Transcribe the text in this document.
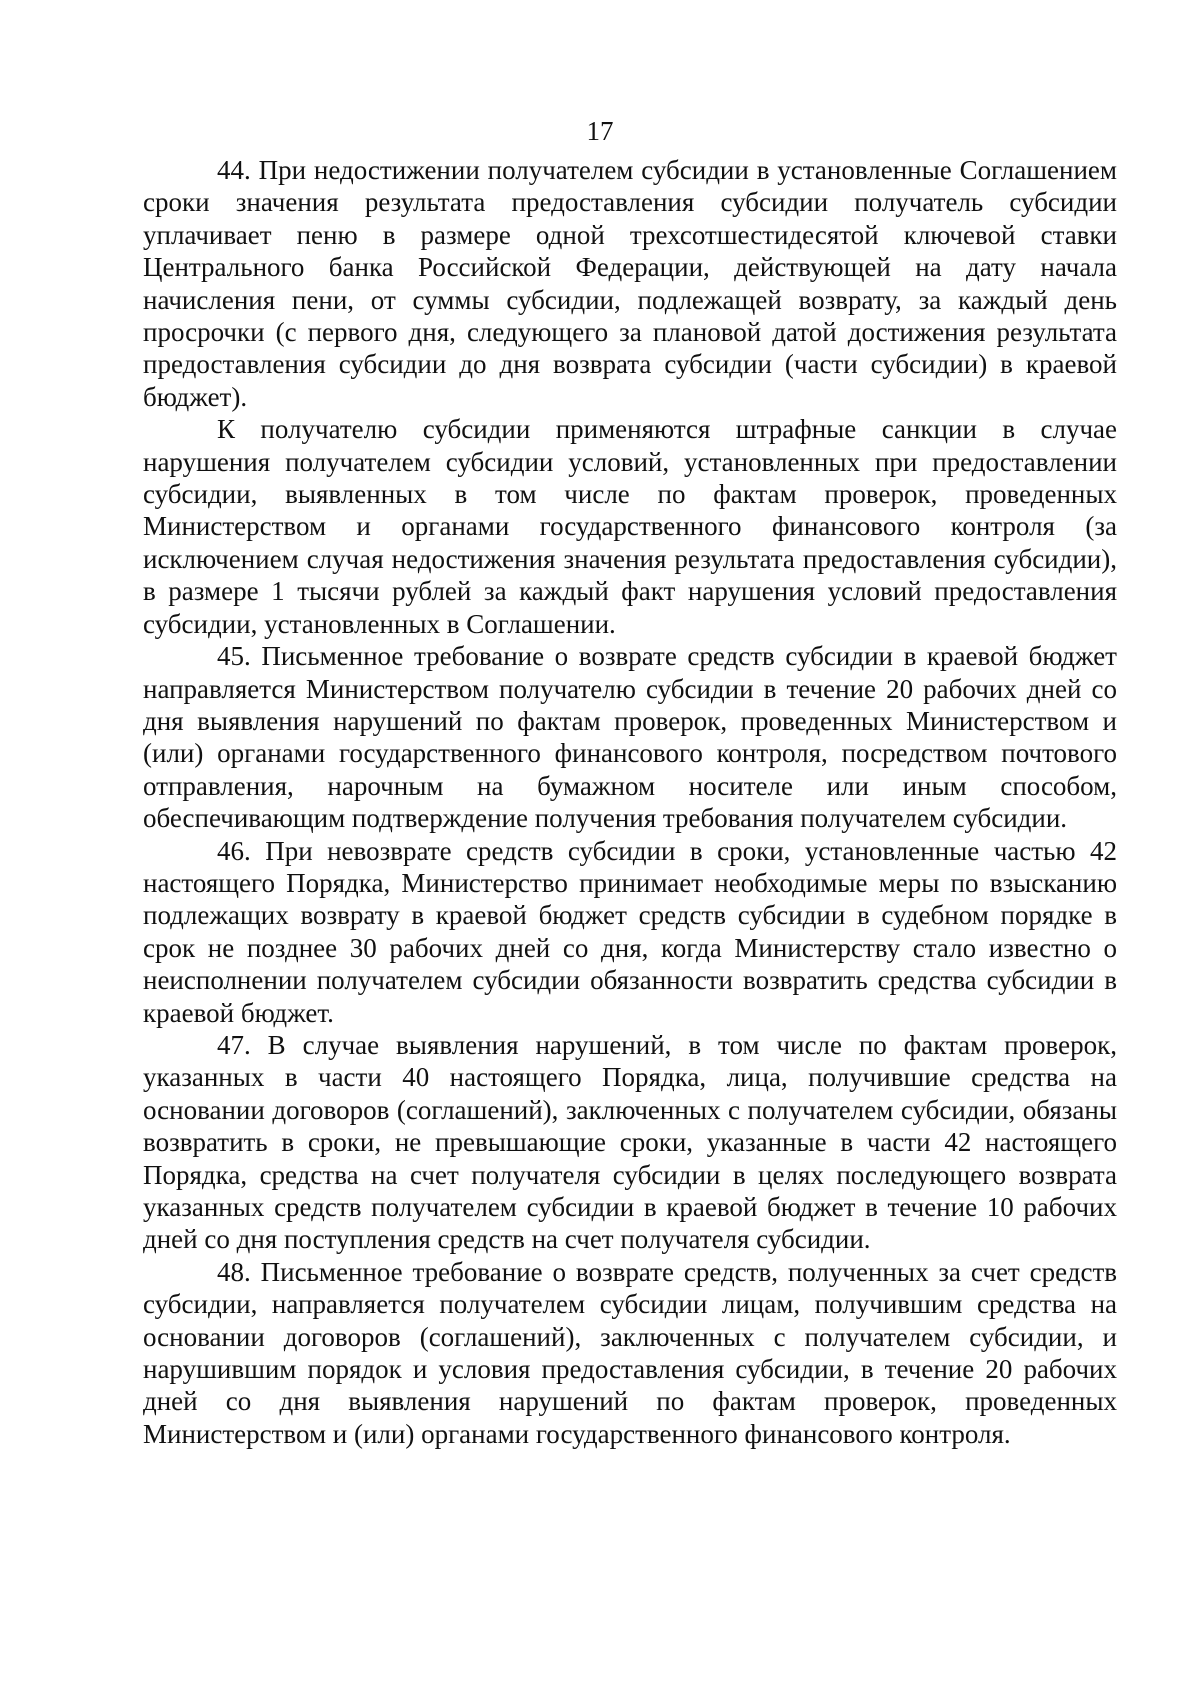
17

44. При недостижении получателем субсидии в установленные Соглашением сроки значения результата предоставления субсидии получатель субсидии уплачивает пеню в размере одной трехсотшестидесятой ключевой ставки Центрального банка Российской Федерации, действующей на дату начала начисления пени, от суммы субсидии, подлежащей возврату, за каждый день просрочки (с первого дня, следующего за плановой датой достижения результата предоставления субсидии до дня возврата субсидии (части субсидии) в краевой бюджет).

К получателю субсидии применяются штрафные санкции в случае нарушения получателем субсидии условий, установленных при предоставлении субсидии, выявленных в том числе по фактам проверок, проведенных Министерством и органами государственного финансового контроля (за исключением случая недостижения значения результата предоставления субсидии), в размере 1 тысячи рублей за каждый факт нарушения условий предоставления субсидии, установленных в Соглашении.

45. Письменное требование о возврате средств субсидии в краевой бюджет направляется Министерством получателю субсидии в течение 20 рабочих дней со дня выявления нарушений по фактам проверок, проведенных Министерством и (или) органами государственного финансового контроля, посредством почтового отправления, нарочным на бумажном носителе или иным способом, обеспечивающим подтверждение получения требования получателем субсидии.

46. При невозврате средств субсидии в сроки, установленные частью 42 настоящего Порядка, Министерство принимает необходимые меры по взысканию подлежащих возврату в краевой бюджет средств субсидии в судебном порядке в срок не позднее 30 рабочих дней со дня, когда Министерству стало известно о неисполнении получателем субсидии обязанности возвратить средства субсидии в краевой бюджет.

47. В случае выявления нарушений, в том числе по фактам проверок, указанных в части 40 настоящего Порядка, лица, получившие средства на основании договоров (соглашений), заключенных с получателем субсидии, обязаны возвратить в сроки, не превышающие сроки, указанные в части 42 настоящего Порядка, средства на счет получателя субсидии в целях последующего возврата указанных средств получателем субсидии в краевой бюджет в течение 10 рабочих дней со дня поступления средств на счет получателя субсидии.

48. Письменное требование о возврате средств, полученных за счет средств субсидии, направляется получателем субсидии лицам, получившим средства на основании договоров (соглашений), заключенных с получателем субсидии, и нарушившим порядок и условия предоставления субсидии, в течение 20 рабочих дней со дня выявления нарушений по фактам проверок, проведенных Министерством и (или) органами государственного финансового контроля.
